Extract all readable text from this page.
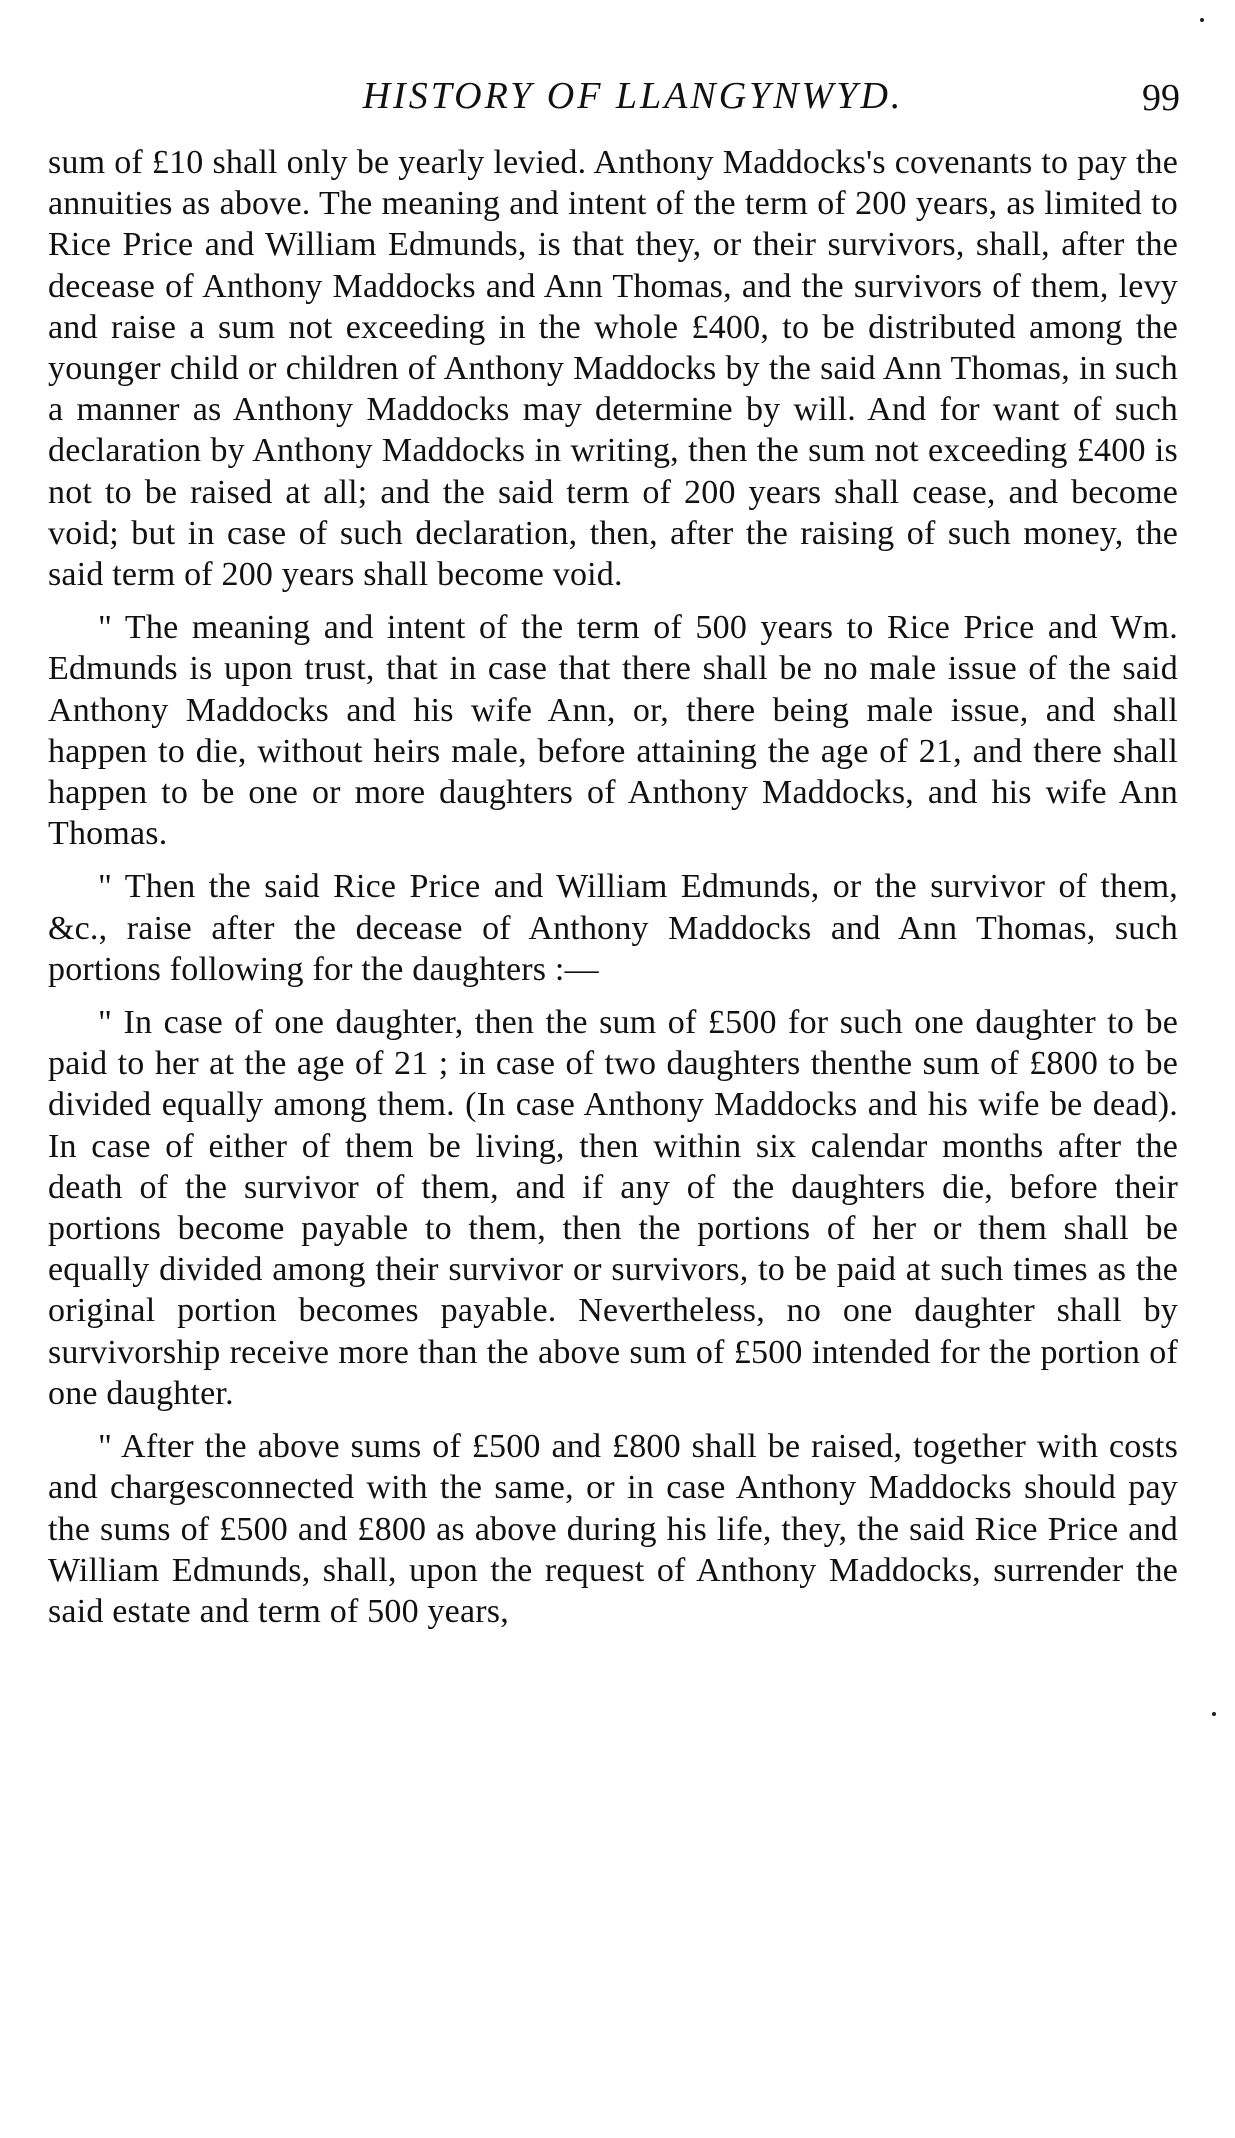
HISTORY OF LLANGYNWYD.	99

sum of £10 shall only be yearly levied. Anthony Maddocks's covenants to pay the annuities as above. The meaning and intent of the term of 200 years, as limited to Rice Price and William Edmunds, is that they, or their survivors, shall, after the decease of Anthony Maddocks and Ann Thomas, and the survivors of them, levy and raise a sum not exceeding in the whole £400, to be distributed among the younger child or children of Anthony Maddocks by the said Ann Thomas, in such a manner as Anthony Maddocks may determine by will. And for want of such declaration by Anthony Maddocks in writing, then the sum not exceeding £400 is not to be raised at all; and the said term of 200 years shall cease, and become void; but in case of such declaration, then, after the raising of such money, the said term of 200 years shall become void.

" The meaning and intent of the term of 500 years to Rice Price and Wm. Edmunds is upon trust, that in case that there shall be no male issue of the said Anthony Maddocks and his wife Ann, or, there being male issue, and shall happen to die, without heirs male, before attaining the age of 21, and there shall happen to be one or more daughters of Anthony Maddocks, and his wife Ann Thomas.

" Then the said Rice Price and William Edmunds, or the survivor of them, &c., raise after the decease of Anthony Maddocks and Ann Thomas, such portions following for the daughters :—

" In case of one daughter, then the sum of £500 for such one daughter to be paid to her at the age of 21 ; in case of two daughters thenthe sum of £800 to be divided equally among them. (In case Anthony Maddocks and his wife be dead). In case of either of them be living, then within six calendar months after the death of the survivor of them, and if any of the daughters die, before their portions become payable to them, then the portions of her or them shall be equally divided among their survivor or survivors, to be paid at such times as the original portion becomes payable. Nevertheless, no one daughter shall by survivorship receive more than the above sum of £500 intended for the portion of one daughter.

" After the above sums of £500 and £800 shall be raised, together with costs and chargesconnected with the same, or in case Anthony Maddocks should pay the sums of £500 and £800 as above during his life, they, the said Rice Price and William Edmunds, shall, upon the request of Anthony Maddocks, surrender the said estate and term of 500 years,
